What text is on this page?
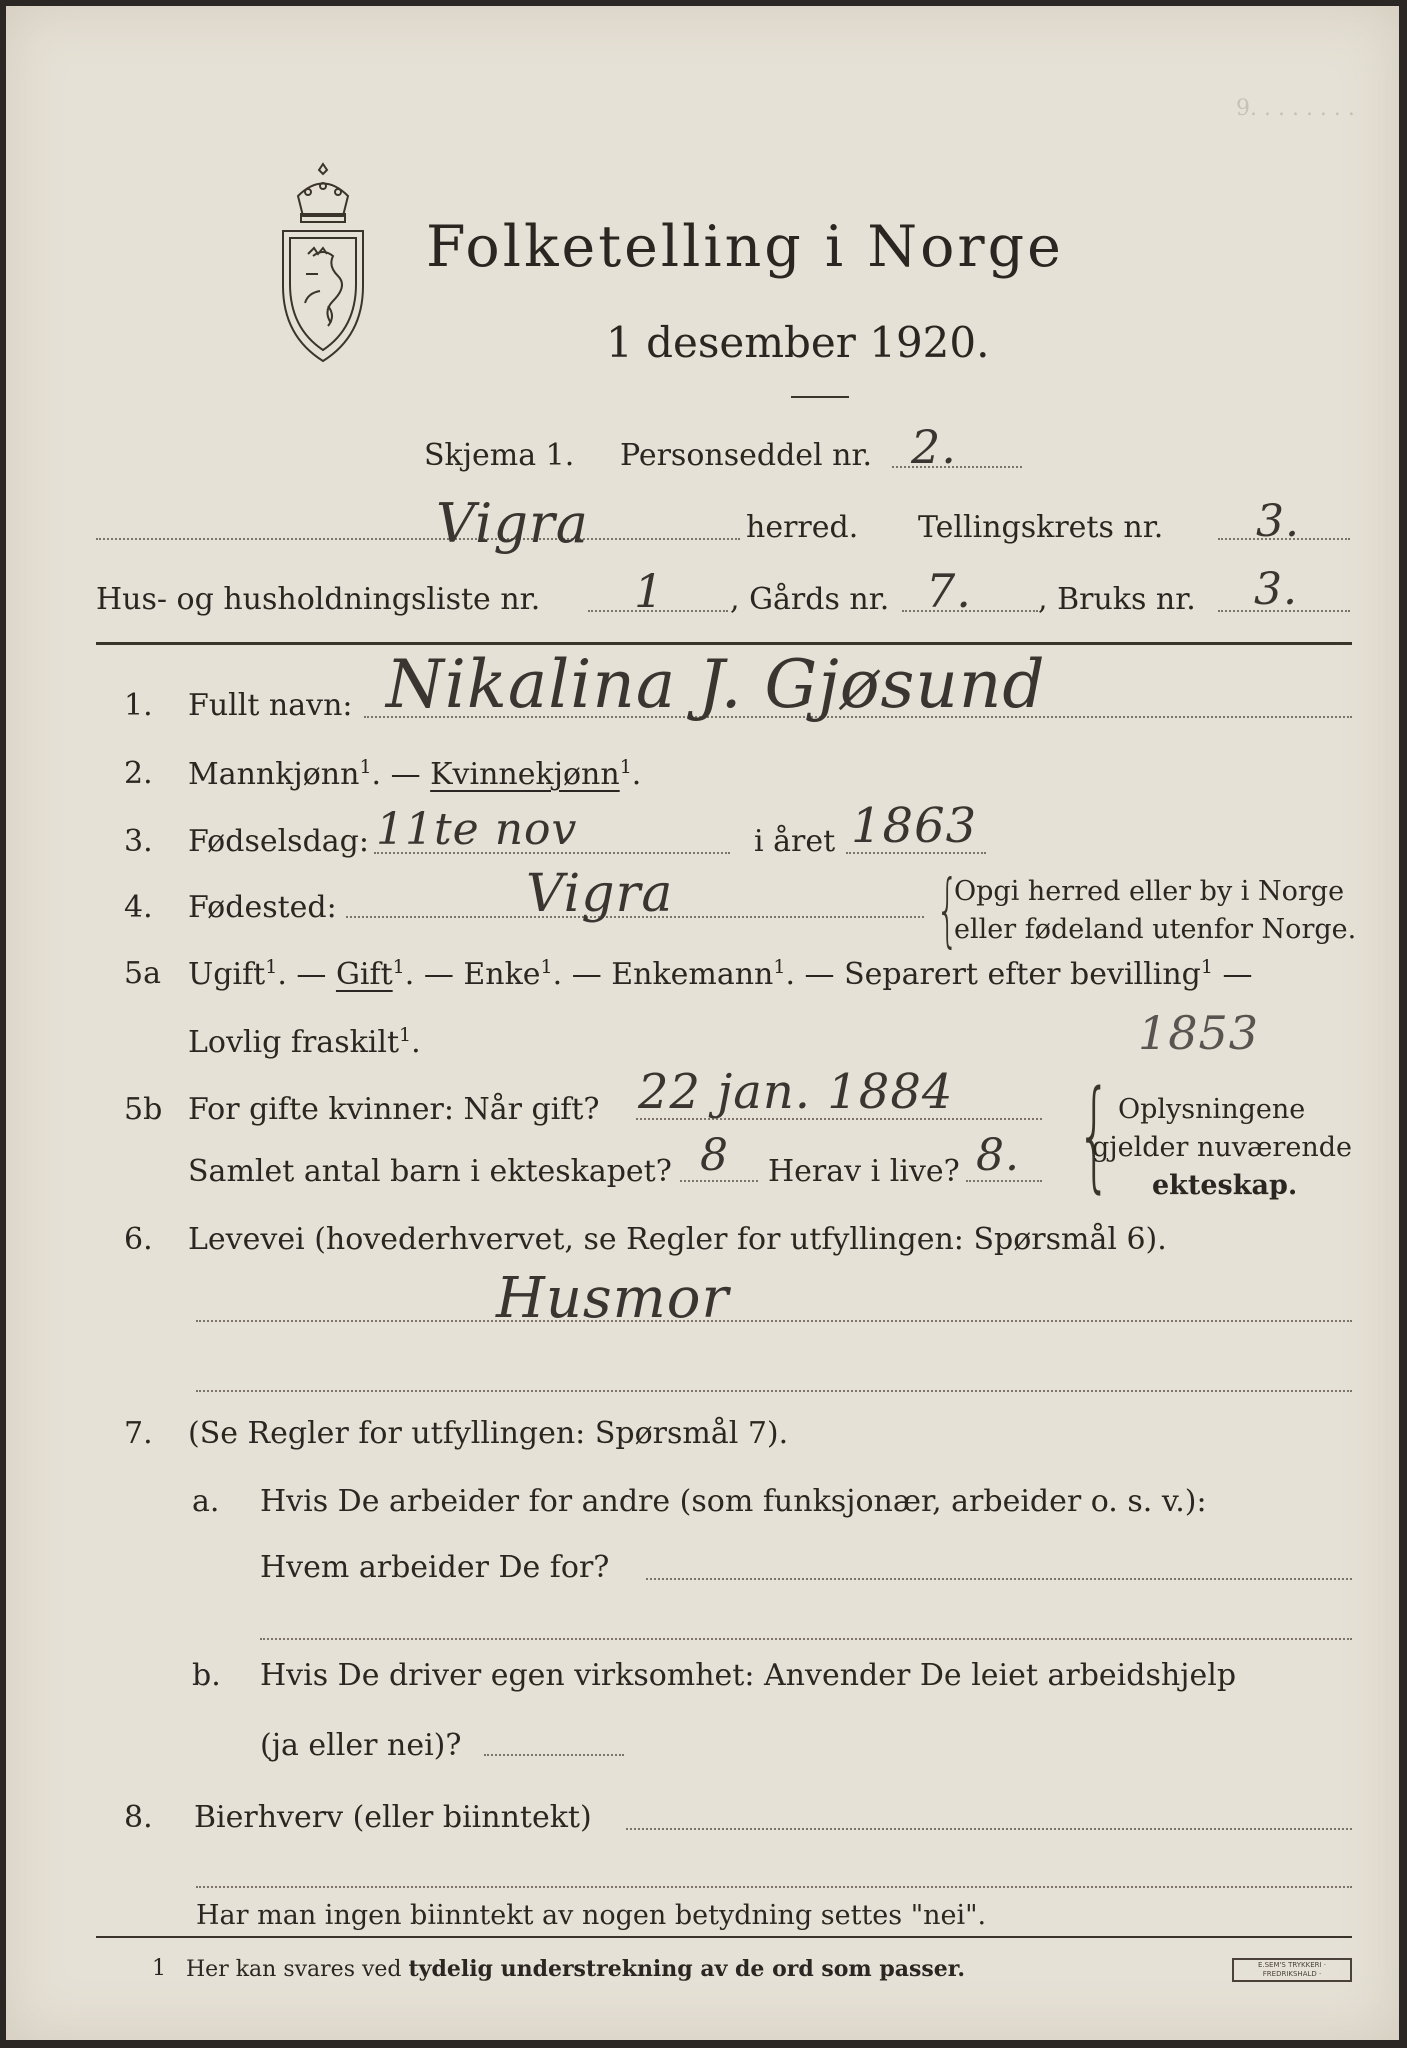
9. . . . . . . .
Folketelling i Norge
1 desember 1920.
Skjema 1. Personseddel nr. 2.
Vigra	herred. Tellingskrets nr. 3.
Hus- og husholdningsliste nr. 1 , Gårds nr. 7. , Bruks nr. 3.
1. Fullt navn: Nikalina J. Gjøsund
2. Mannkjønn$^1$. — Kvinnekjønn$^1$.
3. Fødselsdag: 11te nov	i året 1863
4. Fødested:	Vigra	{
Opgi herred eller by i Norge
eller fødeland utenfor Norge.
5a Ugift$^1$. — Gift$^1$. — Enke$^1$. — Enkemann$^1$. — Separert efter bevilling$^1$ —
Lovlig fraskilt$^1$.	1853
5b For gifte kvinner: Når gift? 22 jan. 1884
Samlet antal barn i ekteskapet? 8 Herav i live? 8. { Oplysningene
gjelder nuværende
ekteskap.
6. Levevei (hovederhvervet, se Regler for utfyllingen: Spørsmål 6).
Husmor
7. (Se Regler for utfyllingen: Spørsmål 7).
a. Hvis De arbeider for andre (som funksjonær, arbeider o. s. v.):
Hvem arbeider De for?
b. Hvis De driver egen virksomhet: Anvender De leiet arbeidshjelp
(ja eller nei)?
8. Bierhverv (eller biinntekt)
Har man ingen biinntekt av nogen betydning settes "nei".
1 Her kan svares ved tydelig understrekning av de ord som passer.	E.SEM'S TRYKKERI · FREDRIKSHALD ·
